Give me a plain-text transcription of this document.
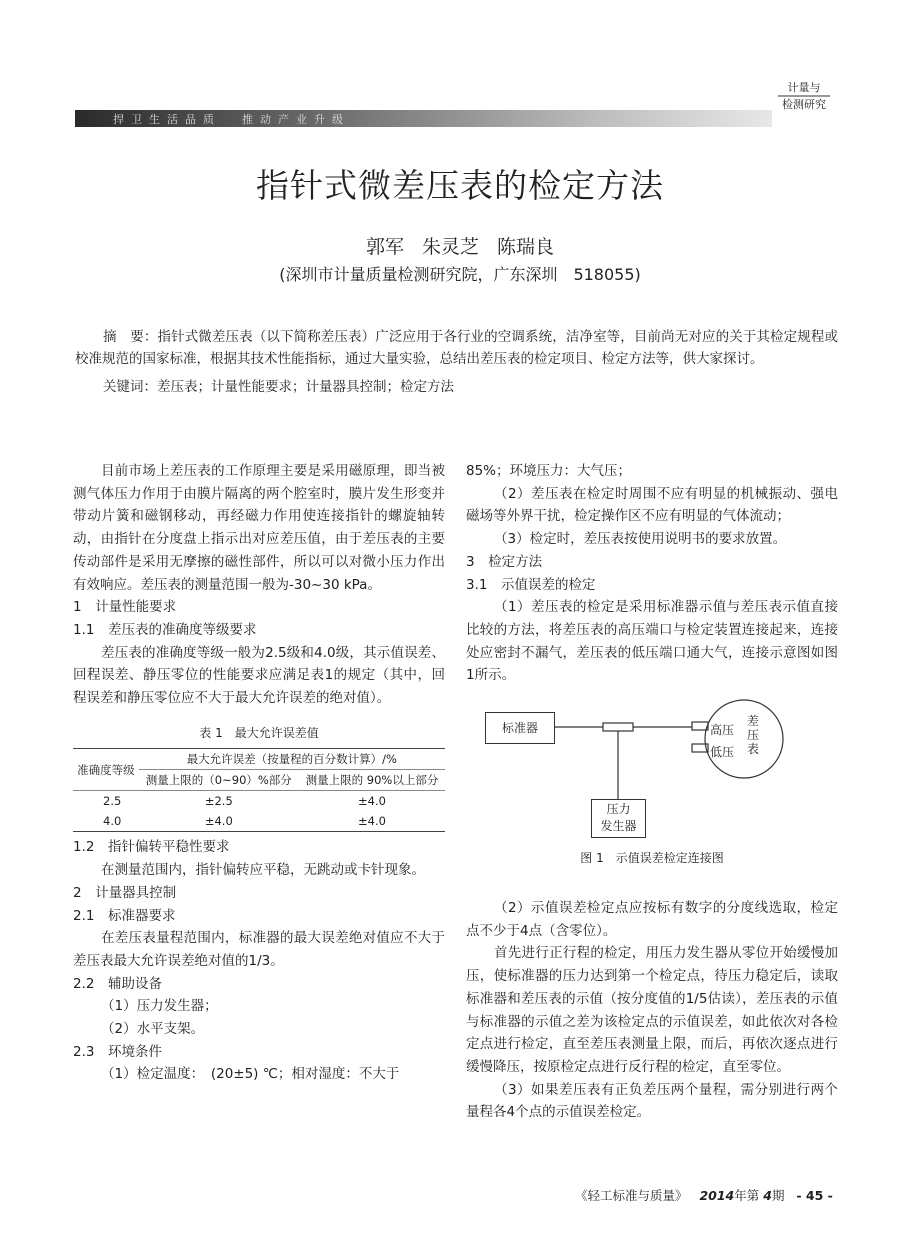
捍卫生活品质  推动产业升级
计量与
检测研究
指针式微差压表的检定方法
郭军 朱灵芝 陈瑞良
(深圳市计量质量检测研究院，广东深圳　518055)

摘　要：指针式微差压表（以下简称差压表）广泛应用于各行业的空调系统，洁净室等，目前尚无对应的关于其检定规程或校准规范的国家标准，根据其技术性能指标，通过大量实验，总结出差压表的检定项目、检定方法等，供大家探讨。

关键词：差压表；计量性能要求；计量器具控制；检定方法

目前市场上差压表的工作原理主要是采用磁原理，即当被测气体压力作用于由膜片隔离的两个腔室时，膜片发生形变并带动片簧和磁钢移动，再经磁力作用使连接指针的螺旋轴转动，由指针在分度盘上指示出对应差压值，由于差压表的主要传动部件是采用无摩擦的磁性部件，所以可以对微小压力作出有效响应。差压表的测量范围一般为-30~30 kPa。

1　计量性能要求

1.1　差压表的准确度等级要求

差压表的准确度等级一般为2.5级和4.0级，其示值误差、回程误差、静压零位的性能要求应满足表1的规定（其中，回程误差和静压零位应不大于最大允许误差的绝对值）。

表 1　最大允许误差值
准确度等级	最大允许误差（按量程的百分数计算）/%	
	测量上限的（0~90）%部分	测量上限的 90%以上部分
2.5	±2.5	±4.0
4.0	±4.0	±4.0

1.2　指针偏转平稳性要求

在测量范围内，指针偏转应平稳，无跳动或卡针现象。

2　计量器具控制

2.1　标准器要求

在差压表量程范围内，标准器的最大误差绝对值应不大于差压表最大允许误差绝对值的1/3。

2.2　辅助设备

（1）压力发生器；

（2）水平支架。

2.3　环境条件

（1）检定温度：　(20±5) ℃；相对湿度：不大于

85%；环境压力：大气压；

（2）差压表在检定时周围不应有明显的机械振动、强电磁场等外界干扰，检定操作区不应有明显的气体流动；

（3）检定时，差压表按使用说明书的要求放置。

3　检定方法

3.1　示值误差的检定

（1）差压表的检定是采用标准器示值与差压表示值直接比较的方法，将差压表的高压端口与检定装置连接起来，连接处应密封不漏气，差压表的低压端口通大气，连接示意图如图1所示。

标准器
压力
发生器
高压
低压
差
压
表
图 1　示值误差检定连接图

（2）示值误差检定点应按标有数字的分度线选取，检定点不少于4点（含零位）。

首先进行正行程的检定，用压力发生器从零位开始缓慢加压，使标准器的压力达到第一个检定点，待压力稳定后，读取标准器和差压表的示值（按分度值的1/5估读），差压表的示值与标准器的示值之差为该检定点的示值误差，如此依次对各检定点进行检定，直至差压表测量上限，而后，再依次逐点进行缓慢降压，按原检定点进行反行程的检定，直至零位。

（3）如果差压表有正负差压两个量程，需分别进行两个量程各4个点的示值误差检定。

《轻工标准与质量》 2014年第 4期 - 45 -
